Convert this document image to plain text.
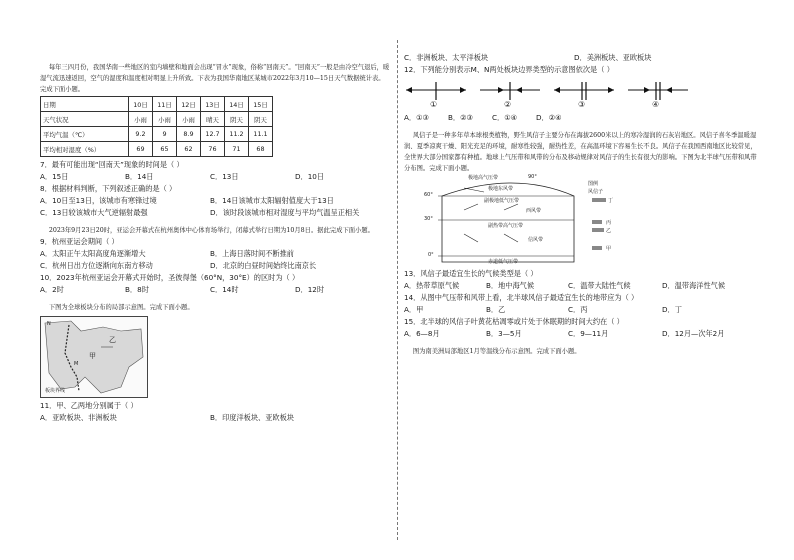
每年三四月份，我国华南一些地区的室内墙壁和地面会出现“冒水”现象，俗称“回南天”。“回南天”一般是由冷空气退后，暖湿气流迅速返回，空气的湿度和温度相对明显上升所致。下表为我国华南地区某城市2022年3月10—15日天气数据统计表。完成下面小题。

日期	10日	11日	12日	13日	14日	15日
天气状况	小雨	小雨	小雨	晴天	阴天	阴天
平均气温（℃）	9.2	9	8.9	12.7	11.2	11.1
平均相对湿度（%）	69	65	62	76	71	68
7．最有可能出现“回南天”现象的时间是（ ）
A．15日	B．14日	C．13日	D．10日
8．根据材料判断，下列叙述正确的是（ ）
A．10日至13日，该城市有寒锋过境	B．14日该城市太阳辐射值度大于13日
C．13日较该城市大气逆辐射最强	D．该时段该城市相对湿度与平均气温呈正相关

2023年9月23日20时，亚运会开幕式在杭州奥体中心体育场举行，闭幕式举行日期为10月8日。据此完成下面小题。

9．杭州亚运会期间（ ）
A．太阳正午太阳高度角逐渐增大	B．上海日落时间不断推前
C．杭州日出方位逐渐向东南方移动	D．北京的白昼时间始终比南京长
10．2023年杭州亚运会开幕式开始时，圣彼得堡（60°N，30°E）的区时为（ ）
A．2时	B．8时	C．14时	D．12时

下图为全球板块分布的局部示意图。完成下面小题。

N
乙
甲
M
板块界线
11．甲、乙两地分别属于（ ）
A．亚欧板块、非洲板块	B．印度洋板块、亚欧板块
C．非洲板块、太平洋板块	D．美洲板块、亚欧板块
12．下列能分别表示M、N两处板块边界类型的示意图依次是（ ）
①	②	③	④
A．①③	B．②③	C．①④	D．②④

风信子是一种多年草本球根类植物，野生风信子主要分布在海拔2600米以上的寒冷湿润的石灰岩地区。风信子喜冬季温暖湿润、夏季凉爽干燥、阳光充足的环境，耐寒性较强，耐热性差，在高温环境下容易生长不良。风信子在我国西南地区比较常见，全世界大部分国家都有种植。地球上气压带和风带的分布及移动规律对风信子的生长有很大的影响。下图为北半球气压带和风带分布图。完成下面小题。

极地高气压带	90°
60°
30°
0°
极地东风带
副极地低气压带
西风带
副热带高气压带
信风带
赤道低气压带
图例
风信子
丁
丙
乙
甲
13．风信子最适宜生长的气候类型是（ ）
A．热带草原气候	B．地中海气候	C．温带大陆性气候	D．温带海洋性气候
14．从图中气压带和风带上看，北半球风信子最适宜生长的地带应为（ ）
A．甲	B．乙	C．丙	D．丁
15．北半球的风信子叶黄花枯凋零或片处于休眠期的时间大约在（ ）
A．6—8月	B．3—5月	C．9—11月	D．12月—次年2月

图为南美洲局部地区1月等温线分布示意图。完成下面小题。
